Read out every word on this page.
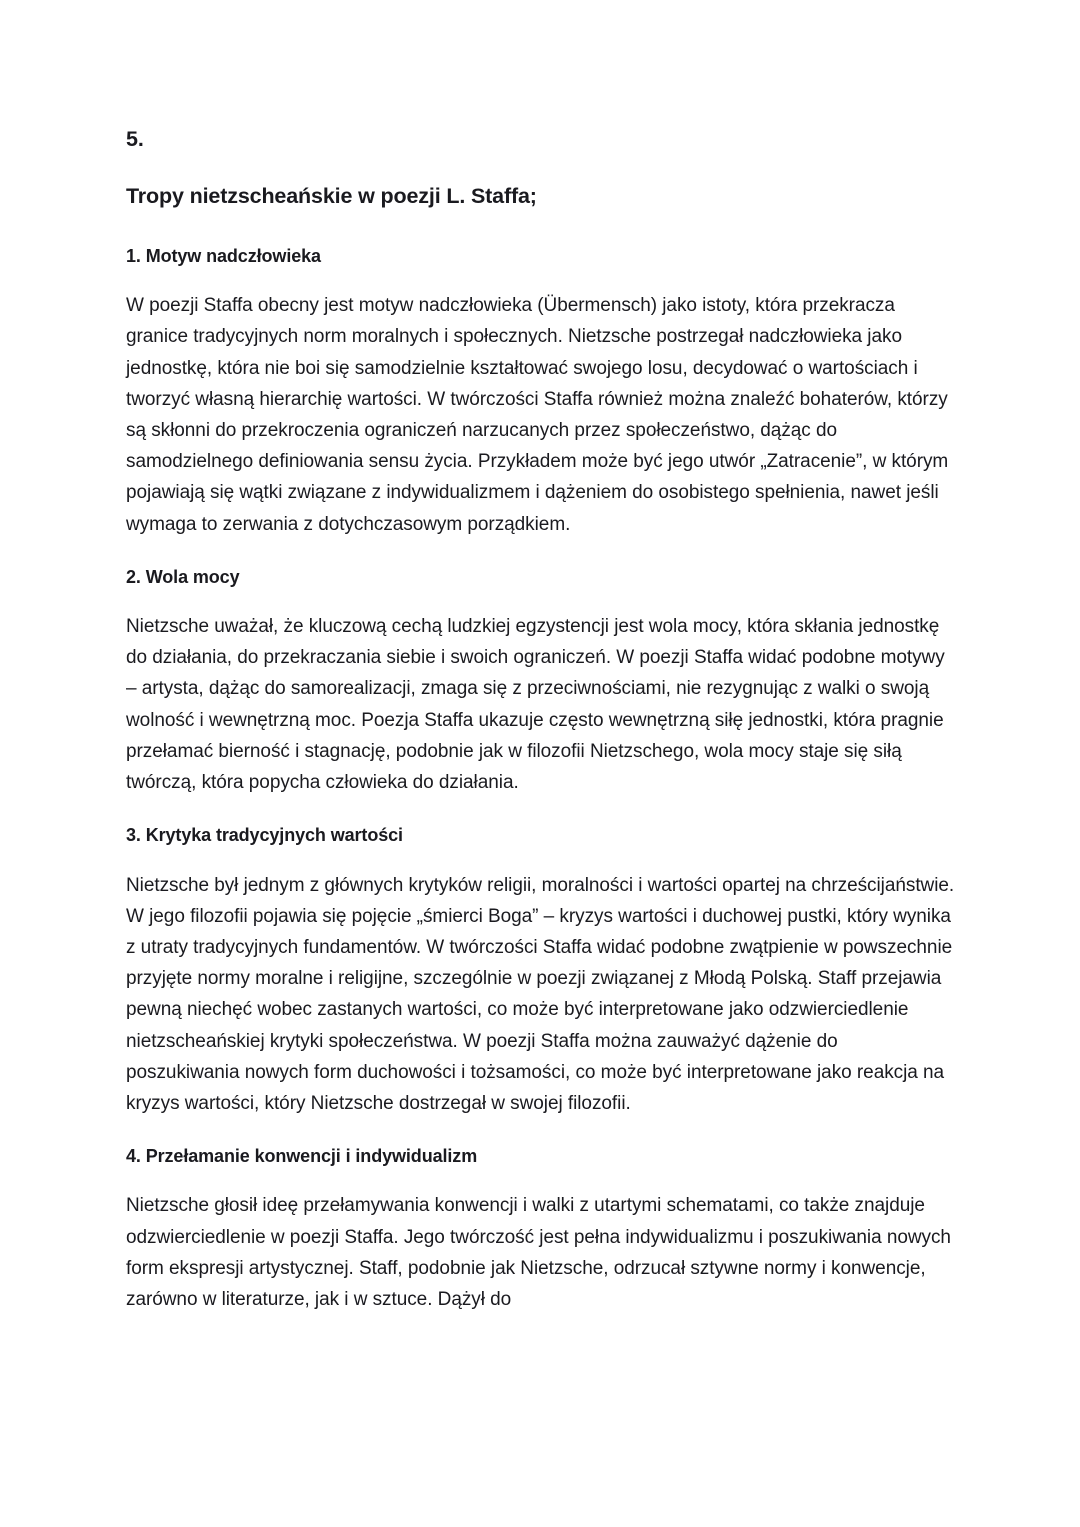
5.
Tropy nietzscheańskie w poezji L. Staffa;
1. Motyw nadczłowieka

W poezji Staffa obecny jest motyw nadczłowieka (Übermensch) jako istoty, która przekracza granice tradycyjnych norm moralnych i społecznych. Nietzsche postrzegał nadczłowieka jako jednostkę, która nie boi się samodzielnie kształtować swojego losu, decydować o wartościach i tworzyć własną hierarchię wartości. W twórczości Staffa również można znaleźć bohaterów, którzy są skłonni do przekroczenia ograniczeń narzucanych przez społeczeństwo, dążąc do samodzielnego definiowania sensu życia. Przykładem może być jego utwór „Zatracenie”, w którym pojawiają się wątki związane z indywidualizmem i dążeniem do osobistego spełnienia, nawet jeśli wymaga to zerwania z dotychczasowym porządkiem.

2. Wola mocy

Nietzsche uważał, że kluczową cechą ludzkiej egzystencji jest wola mocy, która skłania jednostkę do działania, do przekraczania siebie i swoich ograniczeń. W poezji Staffa widać podobne motywy – artysta, dążąc do samorealizacji, zmaga się z przeciwnościami, nie rezygnując z walki o swoją wolność i wewnętrzną moc. Poezja Staffa ukazuje często wewnętrzną siłę jednostki, która pragnie przełamać bierność i stagnację, podobnie jak w filozofii Nietzschego, wola mocy staje się siłą twórczą, która popycha człowieka do działania.

3. Krytyka tradycyjnych wartości

Nietzsche był jednym z głównych krytyków religii, moralności i wartości opartej na chrześcijaństwie. W jego filozofii pojawia się pojęcie „śmierci Boga” – kryzys wartości i duchowej pustki, który wynika z utraty tradycyjnych fundamentów. W twórczości Staffa widać podobne zwątpienie w powszechnie przyjęte normy moralne i religijne, szczególnie w poezji związanej z Młodą Polską. Staff przejawia pewną niechęć wobec zastanych wartości, co może być interpretowane jako odzwierciedlenie nietzscheańskiej krytyki społeczeństwa. W poezji Staffa można zauważyć dążenie do poszukiwania nowych form duchowości i tożsamości, co może być interpretowane jako reakcja na kryzys wartości, który Nietzsche dostrzegał w swojej filozofii.

4. Przełamanie konwencji i indywidualizm

Nietzsche głosił ideę przełamywania konwencji i walki z utartymi schematami, co także znajduje odzwierciedlenie w poezji Staffa. Jego twórczość jest pełna indywidualizmu i poszukiwania nowych form ekspresji artystycznej. Staff, podobnie jak Nietzsche, odrzucał sztywne normy i konwencje, zarówno w literaturze, jak i w sztuce. Dążył do
